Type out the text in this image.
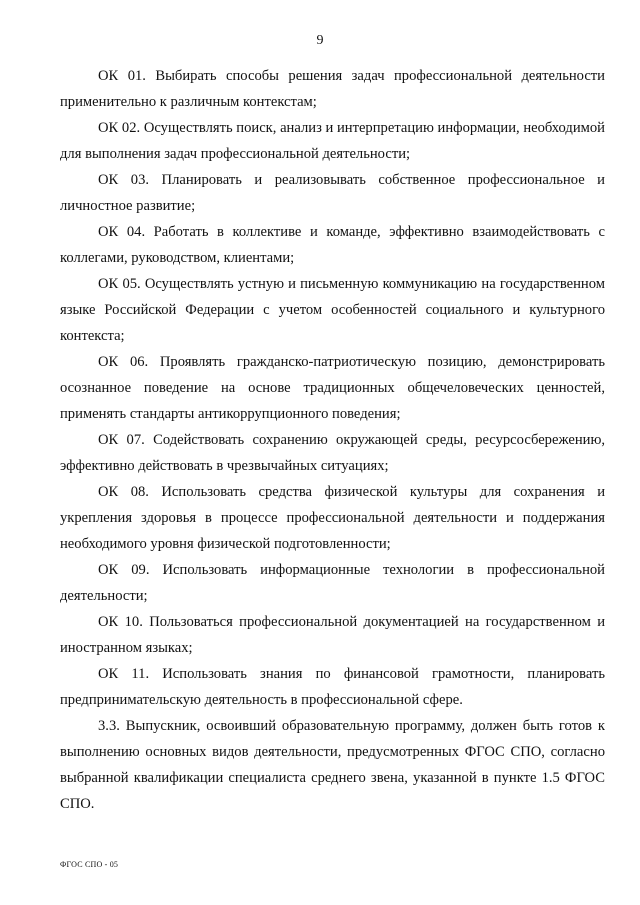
9

ОК 01. Выбирать способы решения задач профессиональной деятельности применительно к различным контекстам;

ОК 02. Осуществлять поиск, анализ и интерпретацию информации, необходимой для выполнения задач профессиональной деятельности;

ОК 03. Планировать и реализовывать собственное профессиональное и личностное развитие;

ОК 04. Работать в коллективе и команде, эффективно взаимодействовать с коллегами, руководством, клиентами;

ОК 05. Осуществлять устную и письменную коммуникацию на государственном языке Российской Федерации с учетом особенностей социального и культурного контекста;

ОК 06. Проявлять гражданско-патриотическую позицию, демонстрировать осознанное поведение на основе традиционных общечеловеческих ценностей, применять стандарты антикоррупционного поведения;

ОК 07. Содействовать сохранению окружающей среды, ресурсосбережению, эффективно действовать в чрезвычайных ситуациях;

ОК 08. Использовать средства физической культуры для сохранения и укрепления здоровья в процессе профессиональной деятельности и поддержания необходимого уровня физической подготовленности;

ОК 09. Использовать информационные технологии в профессиональной деятельности;

ОК 10. Пользоваться профессиональной документацией на государственном и иностранном языках;

ОК 11. Использовать знания по финансовой грамотности, планировать предпринимательскую деятельность в профессиональной сфере.

3.3. Выпускник, освоивший образовательную программу, должен быть готов к выполнению основных видов деятельности, предусмотренных ФГОС СПО, согласно выбранной квалификации специалиста среднего звена, указанной в пункте 1.5 ФГОС СПО.

ФГОС СПО - 05
